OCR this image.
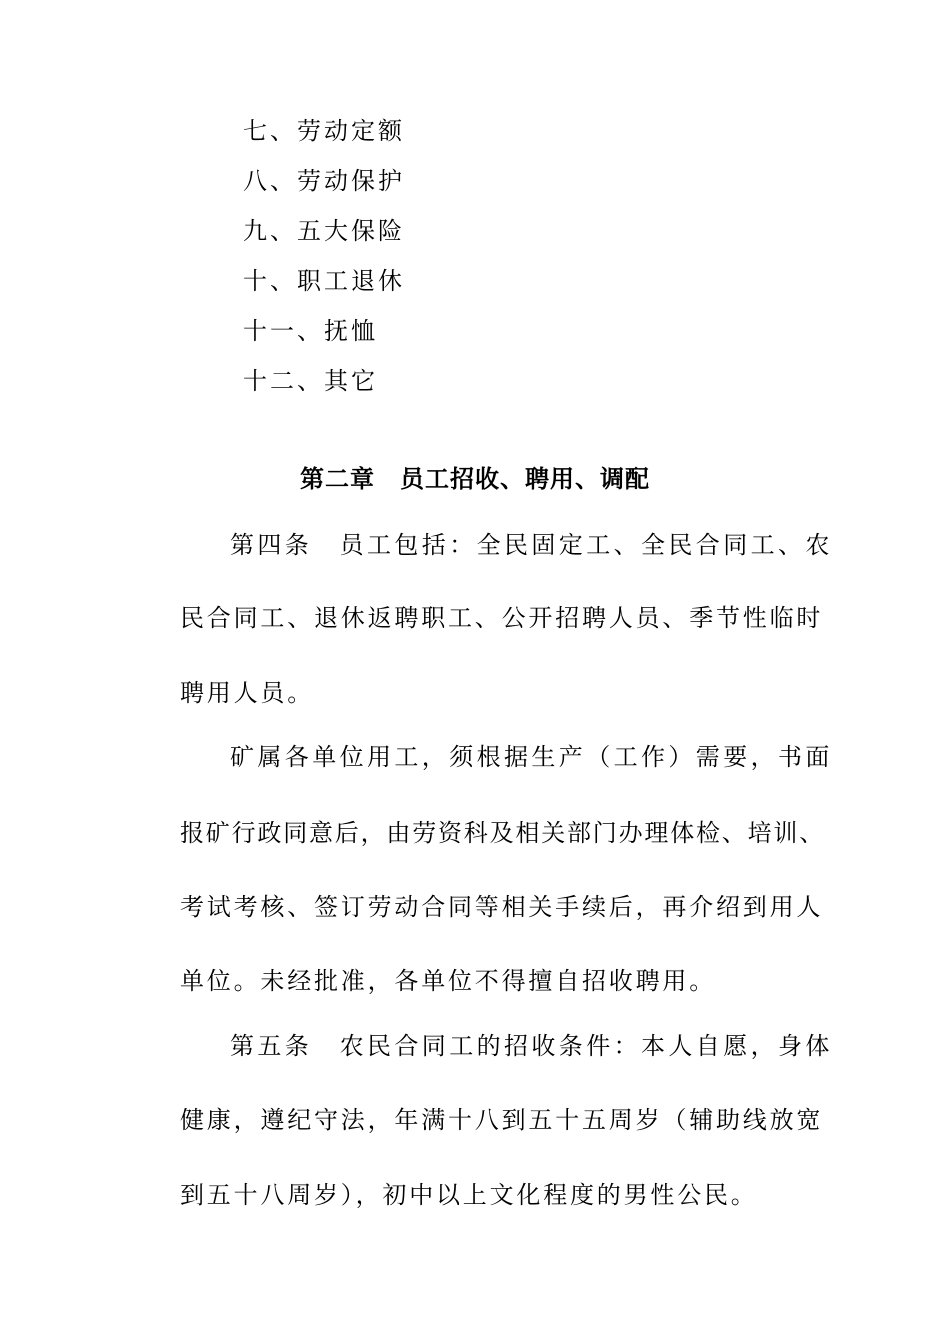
七、劳动定额
八、劳动保护
九、五大保险
十、职工退休
十一、抚恤
十二、其它
第二章　员工招收、聘用、调配
第四条　员工包括：全民固定工、全民合同工、农
民合同工、退休返聘职工、公开招聘人员、季节性临时
聘用人员。
矿属各单位用工，须根据生产（工作）需要，书面
报矿行政同意后，由劳资科及相关部门办理体检、培训、
考试考核、签订劳动合同等相关手续后，再介绍到用人
单位。未经批准，各单位不得擅自招收聘用。
第五条　农民合同工的招收条件：本人自愿，身体
健康，遵纪守法，年满十八到五十五周岁（辅助线放宽
到五十八周岁），初中以上文化程度的男性公民。
